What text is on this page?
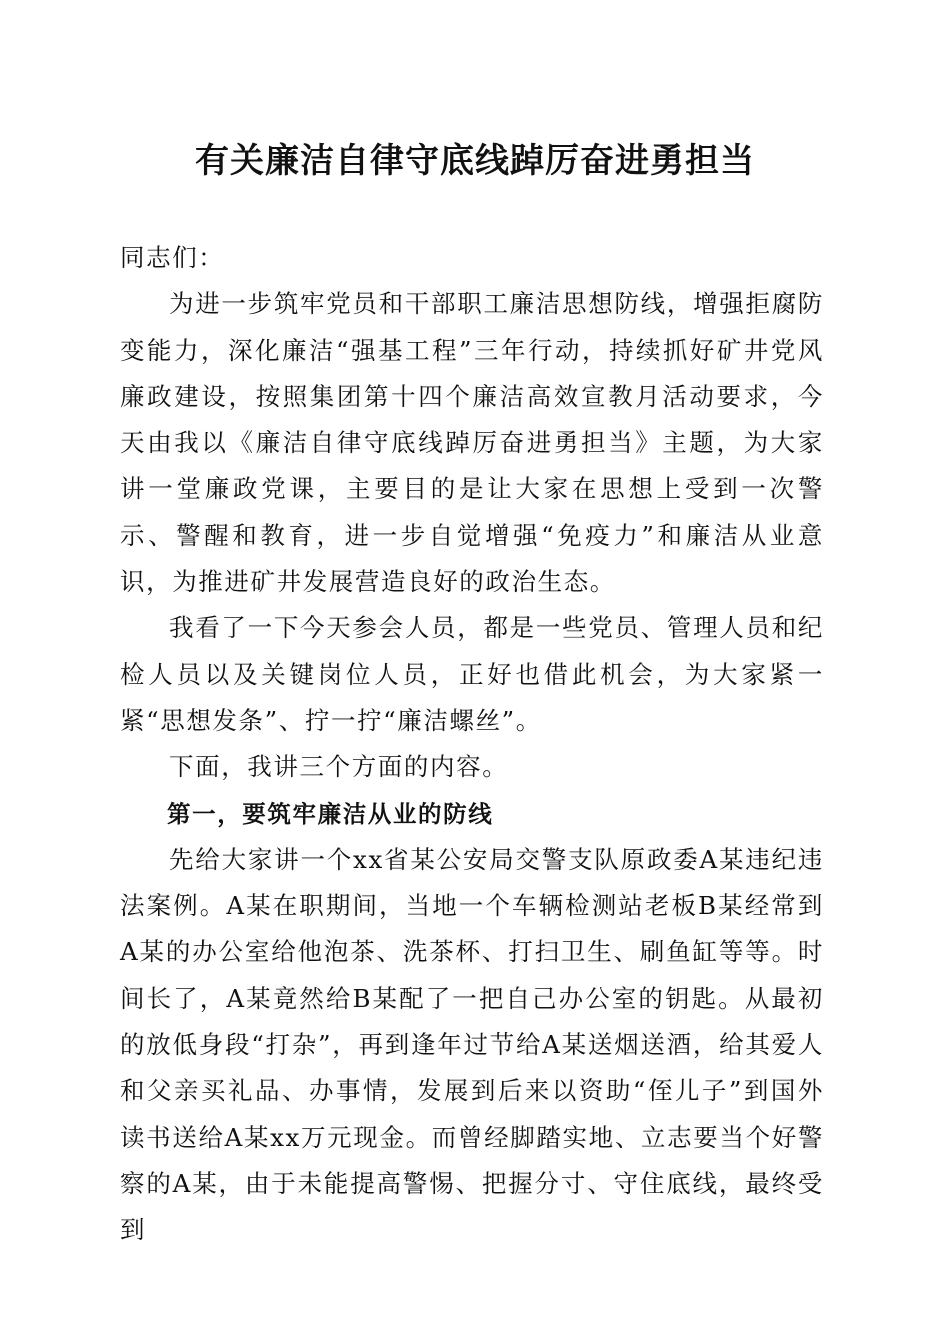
有关廉洁自律守底线踔厉奋进勇担当

同志们：

为进一步筑牢党员和干部职工廉洁思想防线，增强拒腐防变能力，深化廉洁“强基工程”三年行动，持续抓好矿井党风廉政建设，按照集团第十四个廉洁高效宣教月活动要求，今天由我以《廉洁自律守底线踔厉奋进勇担当》主题，为大家讲一堂廉政党课，主要目的是让大家在思想上受到一次警示、警醒和教育，进一步自觉增强“免疫力”和廉洁从业意识，为推进矿井发展营造良好的政治生态。

我看了一下今天参会人员，都是一些党员、管理人员和纪检人员以及关键岗位人员，正好也借此机会，为大家紧一紧“思想发条”、拧一拧“廉洁螺丝”。

下面，我讲三个方面的内容。

第一，要筑牢廉洁从业的防线

先给大家讲一个xx省某公安局交警支队原政委A某违纪违法案例。A某在职期间，当地一个车辆检测站老板B某经常到A某的办公室给他泡茶、洗茶杯、打扫卫生、刷鱼缸等等。时间长了，A某竟然给B某配了一把自己办公室的钥匙。从最初的放低身段“打杂”，再到逢年过节给A某送烟送酒，给其爱人和父亲买礼品、办事情，发展到后来以资助“侄儿子”到国外读书送给A某xx万元现金。而曾经脚踏实地、立志要当个好警察的A某，由于未能提高警惕、把握分寸、守住底线，最终受到
